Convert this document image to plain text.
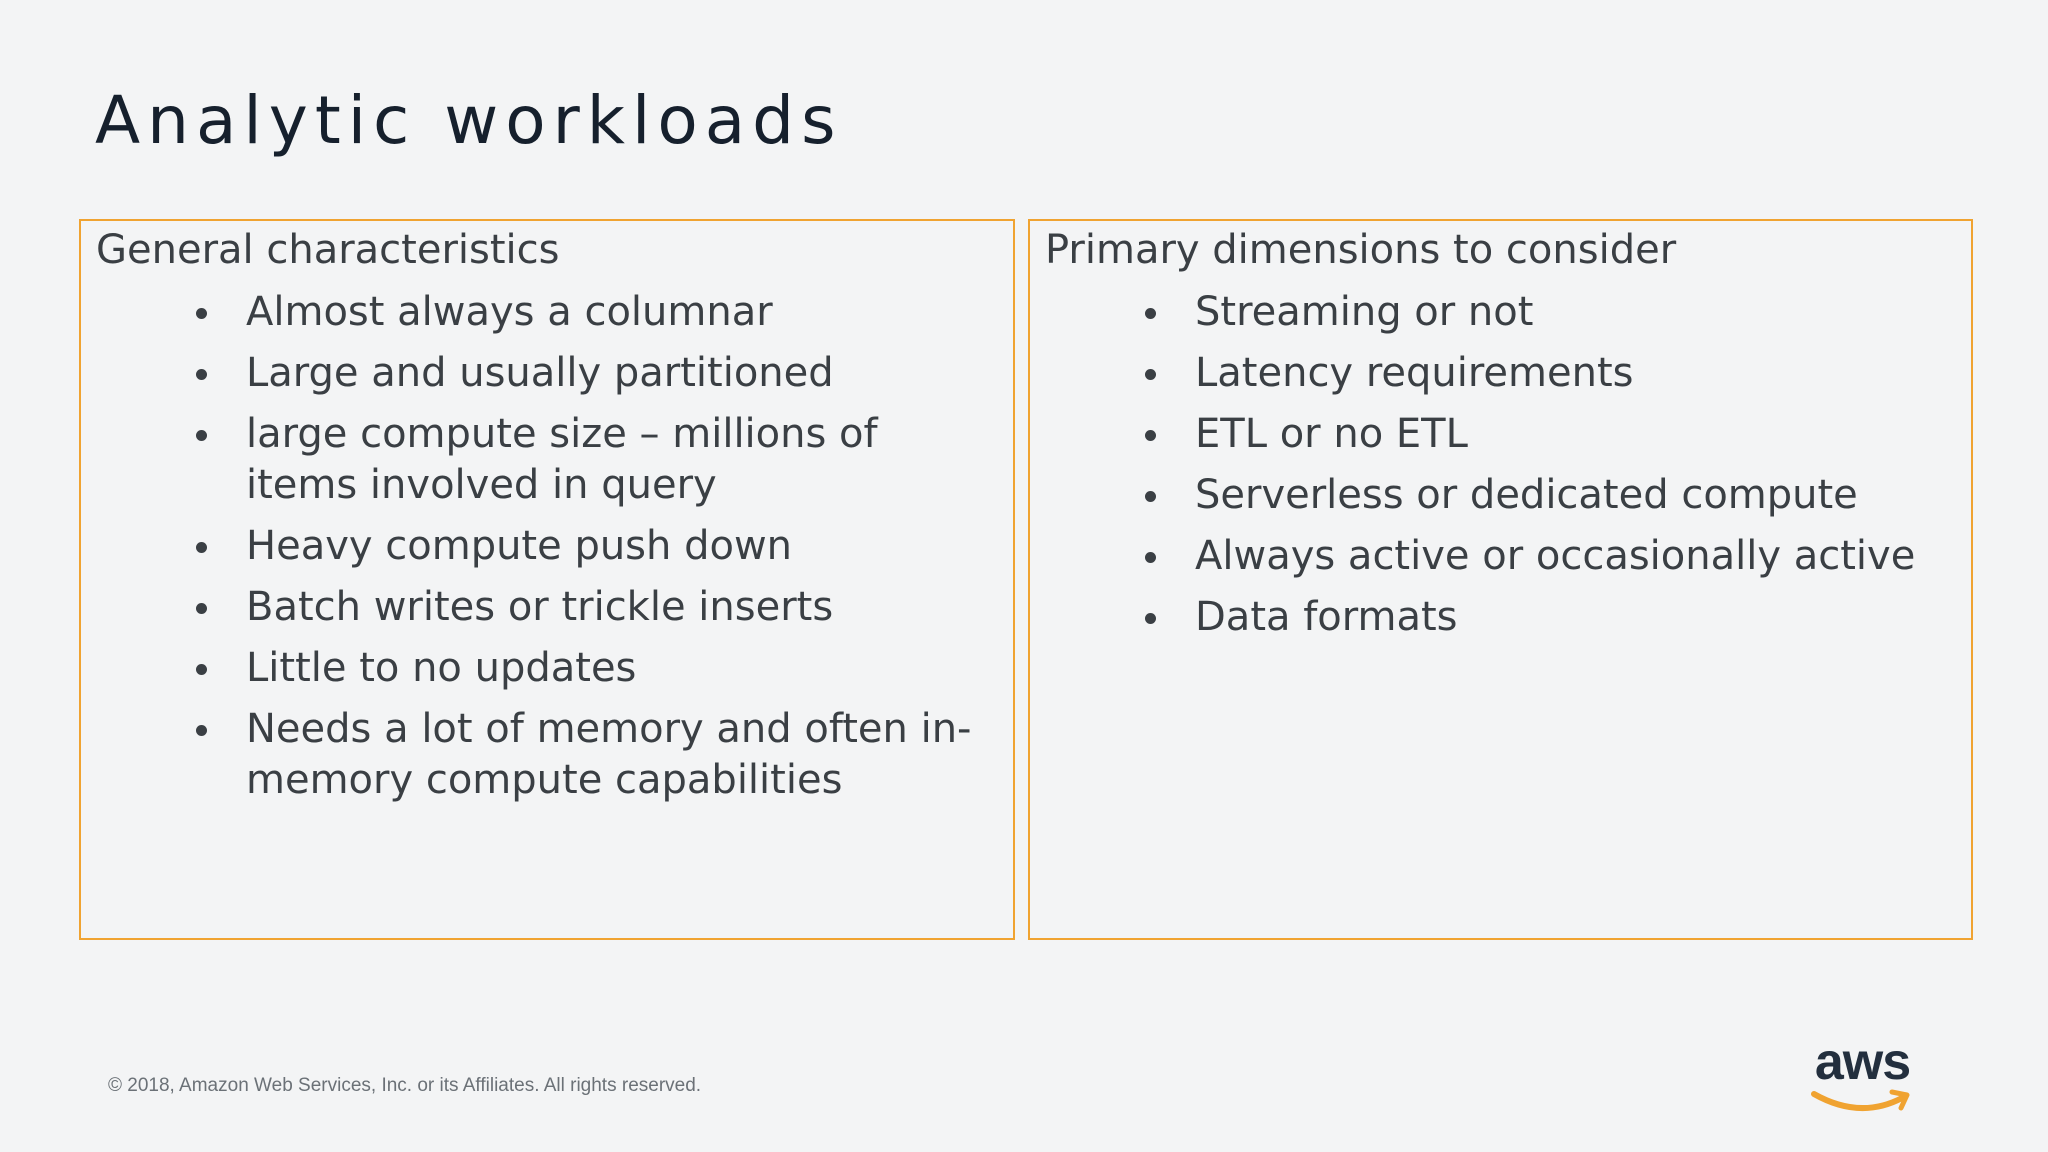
Analytic workloads
General characteristics
Almost always a columnar
Large and usually partitioned
large compute size – millions of items involved in query
Heavy compute push down
Batch writes or trickle inserts
Little to no updates
Needs a lot of memory and often in-memory compute capabilities
Primary dimensions to consider
Streaming or not
Latency requirements
ETL or no ETL
Serverless or dedicated compute
Always active or occasionally active
Data formats
© 2018, Amazon Web Services, Inc. or its Affiliates. All rights reserved.	aws
